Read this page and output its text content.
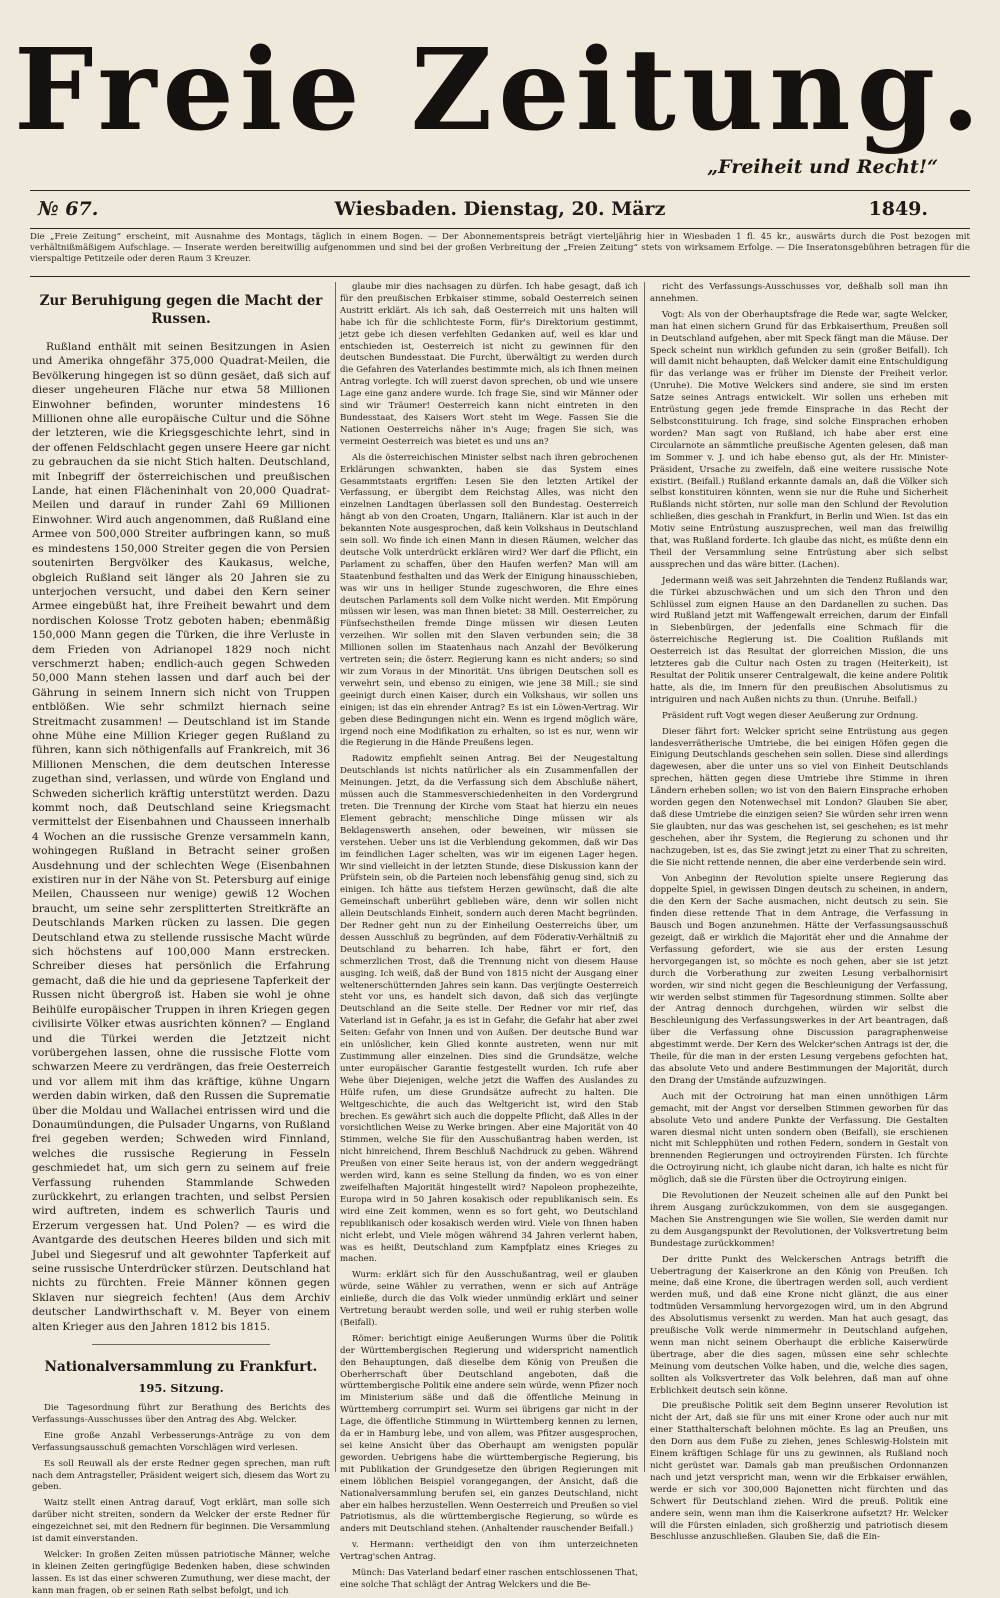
Freie Zeitung.
„Freiheit und Recht!“
№ 67.	Wiesbaden. Dienstag, 20. März	1849.
Die „Freie Zeitung“ erscheint, mit Ausnahme des Montags, täglich in einem Bogen. — Der Abonnementspreis beträgt vierteljährig hier in Wiesbaden 1 fl. 45 kr., auswärts durch die Post bezogen mit verhältnißmäßigem Aufschlage. — Inserate werden bereitwillig aufgenommen und sind bei der großen Verbreitung der „Freien Zeitung“ stets von wirksamem Erfolge. — Die Inseratonsgebühren betragen für die vierspaltige Petitzeile oder deren Raum 3 Kreuzer.
Zur Beruhigung gegen die Macht der Russen.

Rußland enthält mit seinen Besitzungen in Asien und Amerika ohngefähr 375,000 Quadrat-Meilen, die Bevölkerung hingegen ist so dünn gesäet, daß sich auf dieser ungeheuren Fläche nur etwa 58 Millionen Einwohner befinden, worunter mindestens 16 Millionen ohne alle europäische Cultur und die Söhne der letzteren, wie die Kriegsgeschichte lehrt, sind in der offenen Feldschlacht gegen unsere Heere gar nicht zu gebrauchen da sie nicht Stich halten. Deutschland, mit Inbegriff der österreichischen und preußischen Lande, hat einen Flächeninhalt von 20,000 Quadrat-Meilen und darauf in runder Zahl 69 Millionen Einwohner. Wird auch angenommen, daß Rußland eine Armee von 500,000 Streiter aufbringen kann, so muß es mindestens 150,000 Streiter gegen die von Persien soutenirten Bergvölker des Kaukasus, welche, obgleich Rußland seit länger als 20 Jahren sie zu unterjochen versucht, und dabei den Kern seiner Armee eingebüßt hat, ihre Freiheit bewahrt und dem nordischen Kolosse Trotz geboten haben; ebenmäßig 150,000 Mann gegen die Türken, die ihre Verluste in dem Frieden von Adrianopel 1829 noch nicht verschmerzt haben; endlich-auch gegen Schweden 50,000 Mann stehen lassen und darf auch bei der Gährung in seinem Innern sich nicht von Truppen entblößen. Wie sehr schmilzt hiernach seine Streitmacht zusammen! — Deutschland ist im Stande ohne Mühe eine Million Krieger gegen Rußland zu führen, kann sich nöthigenfalls auf Frankreich, mit 36 Millionen Menschen, die dem deutschen Interesse zugethan sind, verlassen, und würde von England und Schweden sicherlich kräftig unterstützt werden. Dazu kommt noch, daß Deutschland seine Kriegsmacht vermittelst der Eisenbahnen und Chausseen innerhalb 4 Wochen an die russische Grenze versammeln kann, wohingegen Rußland in Betracht seiner großen Ausdehnung und der schlechten Wege (Eisenbahnen existiren nur in der Nähe von St. Petersburg auf einige Meilen, Chausseen nur wenige) gewiß 12 Wochen braucht, um seine sehr zersplitterten Streitkräfte an Deutschlands Marken rücken zu lassen. Die gegen Deutschland etwa zu stellende russische Macht würde sich höchstens auf 100,000 Mann erstrecken. Schreiber dieses hat persönlich die Erfahrung gemacht, daß die hie und da gepriesene Tapferkeit der Russen nicht übergroß ist. Haben sie wohl je ohne Beihülfe europäischer Truppen in ihren Kriegen gegen civilisirte Völker etwas ausrichten können? — England und die Türkei werden die Jetztzeit nicht vorübergehen lassen, ohne die russische Flotte vom schwarzen Meere zu verdrängen, das freie Oesterreich und vor allem mit ihm das kräftige, kühne Ungarn werden dabin wirken, daß den Russen die Suprematie über die Moldau und Wallachei entrissen wird und die Donaumündungen, die Pulsader Ungarns, von Rußland frei gegeben werden; Schweden wird Finnland, welches die russische Regierung in Fesseln geschmiedet hat, um sich gern zu seinem auf freie Verfassung ruhenden Stammlande Schweden zurückkehrt, zu erlangen trachten, und selbst Persien wird auftreten, indem es schwerlich Tauris und Erzerum vergessen hat. Und Polen? — es wird die Avantgarde des deutschen Heeres bilden und sich mit Jubel und Siegesruf und alt gewohnter Tapferkeit auf seine russische Unterdrücker stürzen. Deutschland hat nichts zu fürchten. Freie Männer können gegen Sklaven nur siegreich fechten! (Aus dem Archiv deutscher Landwirthschaft v. M. Beyer von einem alten Krieger aus den Jahren 1812 bis 1815.

Nationalversammlung zu Frankfurt.
195. Sitzung.

Die Tagesordnung führt zur Berathung des Berichts des Verfassungs-Ausschusses über den Antrag des Abg. Welcker.

Eine große Anzahl Verbesserungs-Anträge zu von dem Verfassungsausschuß gemachten Vorschlägen wird verlesen.

Es soll Reuwall als der erste Redner gegen sprechen, man ruft nach dem Antragsteller, Präsident weigert sich, diesem das Wort zu geben.

Waitz stellt einen Antrag darauf, Vogt erklärt, man solle sich darüber nicht streiten, sondern da Welcker der erste Redner für eingezeichnet sei, mit den Rednern für beginnen. Die Versammlung ist damit einverstanden.

Welcker: In großen Zeiten müssen patriotische Männer, welche in kleinen Zeiten geringfügige Bedenken haben, diese schwinden lassen. Es ist das einer schweren Zumuthung, wer diese macht, der kann man fragen, ob er seinen Rath selbst befolgt, und ich

glaube mir dies nachsagen zu dürfen. Ich habe gesagt, daß ich für den preußischen Erbkaiser stimme, sobald Oesterreich seinen Austritt erklärt. Als ich sah, daß Oesterreich mit uns halten will habe ich für die schlichteste Form, für's Direktorium gestimmt, jetzt gebe ich diesen verfehlten Gedanken auf, weil es klar und entschieden ist, Oesterreich ist nicht zu gewinnen für den deutschen Bundesstaat. Die Furcht, überwältigt zu werden durch die Gefahren des Vaterlandes bestimmte mich, als ich Ihnen meinen Antrag vorlegte. Ich will zuerst davon sprechen, ob und wie unsere Lage eine ganz andere wurde. Ich frage Sie, sind wir Männer oder sind wir Träumer! Oesterreich kann nicht eintreten in den Bundesstaat, des Kaisers Wort steht im Wege. Fassen Sie die Nationen Oesterreichs näher in's Auge; fragen Sie sich, was vermeint Oesterreich was bietet es und uns an?

Als die österreichischen Minister selbst nach ihren gebrochenen Erklärungen schwankten, haben sie das System eines Gesammtstaats ergriffen: Lesen Sie den letzten Artikel der Verfassung, er übergibt dem Reichstag Alles, was nicht den einzelnen Landtagen überlassen soll den Bundestag. Oesterreich hängt ab von den Croaten, Ungarn, Italiänern. Klar ist auch in der bekannten Note ausgesprochen, daß kein Volkshaus in Deutschland sein soll. Wo finde ich einen Mann in diesen Räumen, welcher das deutsche Volk unterdrückt erklären wird? Wer darf die Pflicht, ein Parlament zu schaffen, über den Haufen werfen? Man will am Staatenbund festhalten und das Werk der Einigung hinausschieben, was wir uns in heiliger Stunde zugeschworen, die Ehre eines deutschen Parlaments soll dem Volke nicht werden. Mit Empörung müssen wir lesen, was man Ihnen bietet: 38 Mill. Oesterreicher, zu Fünfsechstheilen fremde Dinge müssen wir diesen Leuten verzeihen. Wir sollen mit den Slaven verbunden sein; die 38 Millionen sollen im Staatenhaus nach Anzahl der Bevölkerung vertreten sein; die österr. Regierung kann es nicht anders; so sind wir zum Voraus in der Minorität. Uns übrigen Deutschen soll es verwehrt sein, und ebenso zu einigen, wie jene 38 Mill.; sie sind geeinigt durch einen Kaiser, durch ein Volkshaus, wir sollen uns einigen; ist das ein ehrender Antrag? Es ist ein Löwen-Vertrag. Wir geben diese Bedingungen nicht ein. Wenn es irgend möglich wäre, irgend noch eine Modifikation zu erhalten, so ist es nur, wenn wir die Regierung in die Hände Preußens legen.

Radowitz empfiehlt seinen Antrag. Bei der Neugestaltung Deutschlands ist nichts natürlicher als ein Zusammenfallen der Meinungen. Jetzt, da die Verfassung sich dem Abschluße nähert, müssen auch die Stammesverschiedenheiten in den Vordergrund treten. Die Trennung der Kirche vom Staat hat hierzu ein neues Element gebracht; menschliche Dinge müssen wir als Beklagenswerth ansehen, oder beweinen, wir müssen sie verstehen. Ueber uns ist die Verblendung gekommen, daß wir Das im feindlichen Lager schelten, was wir im eigenen Lager hegen. Wir sind vielleicht in der letzten Stunde, diese Diskussion kann der Prüfstein sein, ob die Parteien noch lebensfähig genug sind, sich zu einigen. Ich hätte aus tiefstem Herzen gewünscht, daß die alte Gemeinschaft unberührt geblieben wäre, denn wir sollen nicht allein Deutschlands Einheit, sondern auch deren Macht begründen. Der Redner geht nun zu der Einheilung Oesterreichs über, um dessen Ausschluß zu begründen, auf dem Föderativ-Verhältniß zu Deutschland zu beharren. Ich habe, fährt er fort, den schmerzlichen Trost, daß die Trennung nicht von diesem Hause ausging. Ich weiß, daß der Bund von 1815 nicht der Ausgang einer weltenerschütternden Jahres sein kann. Das verjüngte Oesterreich steht vor uns, es handelt sich davon, daß sich das verjüngte Deutschland an die Seite stelle. Der Redner vor mir rief, das Vaterland ist in Gefahr, ja es ist in Gefahr, die Gefahr hat aber zwei Seiten: Gefahr von Innen und von Außen. Der deutsche Bund war ein unlöslicher, kein Glied konnte austreten, wenn nur mit Zustimmung aller einzelnen. Dies sind die Grundsätze, welche unter europäischer Garantie festgestellt wurden. Ich rufe aber Wehe über Diejenigen, welche jetzt die Waffen des Auslandes zu Hülfe rufen, um diese Grundsätze aufrecht zu halten. Die Weltgeschichte, die auch das Weltgericht ist, wird den Stab brechen. Es gewährt sich auch die doppelte Pflicht, daß Alles in der vorsichtlichen Weise zu Werke bringen. Aber eine Majorität von 40 Stimmen, welche Sie für den Ausschußantrag haben werden, ist nicht hinreichend, Ihrem Beschluß Nachdruck zu geben. Während Preußen von einer Seite heraus ist, von der andern weggedrängt werden wird, kann es seine Stellung da finden, wo es von einer zweifelhaften Majorität hingestellt wird? Napoleon prophezeihte, Europa wird in 50 Jahren kosakisch oder republikanisch sein. Es wird eine Zeit kommen, wenn es so fort geht, wo Deutschland republikanisch oder kosakisch werden wird. Viele von Ihnen haben nicht erlebt, und Viele mögen während 34 Jahren verlernt haben, was es heißt, Deutschland zum Kampfplatz eines Krieges zu machen.

Wurm: erklärt sich für den Ausschußantrag, weil er glauben würde, seine Wähler zu verrathen, wenn er sich auf Anträge einließe, durch die das Volk wieder unmündig erklärt und seiner Vertretung beraubt werden solle, und weil er ruhig sterben wolle (Beifall).

Römer: berichtigt einige Aeußerungen Wurms über die Politik der Württembergischen Regierung und widerspricht namentlich den Behauptungen, daß dieselbe dem König von Preußen die Oberherrschaft über Deutschland angeboten, daß die württembergische Politik eine andere sein würde, wenn Pfizer noch im Ministerium säße und daß die öffentliche Meinung in Württemberg corrumpirt sei. Wurm sei übrigens gar nicht in der Lage, die öffentliche Stimmung in Württemberg kennen zu lernen, da er in Hamburg lebe, und von allem, was Pfitzer ausgesprochen, sei keine Ansicht über das Oberhaupt am wenigsten populär geworden. Uebrigens habe die württembergische Regierung, bis mit Publikation der Grundgesetze den übrigen Regierungen mit einem löblichen Beispiel vorangegangen, der Ansicht, daß die Nationalversammlung berufen sei, ein ganzes Deutschland, nicht aber ein halbes herzustellen. Wenn Oesterreich und Preußen so viel Patriotismus, als die württembergische Regierung, so würde es anders mit Deutschland stehen. (Anhaltender rauschender Beifall.)

v. Hermann: vertheidigt den von ihm unterzeichneten Vertrag'schen Antrag.

Münch: Das Vaterland bedarf einer raschen entschlossenen That, eine solche That schlägt der Antrag Welckers und die Be-

richt des Verfassungs-Ausschusses vor, deßhalb soll man ihn annehmen.

Vogt: Als von der Oberhauptsfrage die Rede war, sagte Welcker, man hat einen sichern Grund für das Erbkaiserthum, Preußen soll in Deutschland aufgehen, aber mit Speck fängt man die Mäuse. Der Speck scheint nun wirklich gefunden zu sein (großer Beifall). Ich will damit nicht behaupten, daß Welcker damit eine Entschuldigung für das verlange was er früher im Dienste der Freiheit verlor. (Unruhe). Die Motive Welckers sind andere, sie sind im ersten Satze seines Antrags entwickelt. Wir sollen uns erheben mit Entrüstung gegen jede fremde Einsprache in das Recht der Selbstconstituirung. Ich frage, sind solche Einsprachen erhoben worden? Man sagt von Rußland, ich habe aber erst eine Circularnote an sämmtliche preußische Agenten gelesen, daß man im Sommer v. J. und ich habe ebenso gut, als der Hr. Minister-Präsident, Ursache zu zweifeln, daß eine weitere russische Note existirt. (Beifall.) Rußland erkannte damals an, daß die Völker sich selbst konstituiren könnten, wenn sie nur die Ruhe und Sicherheit Rußlands nicht störten, nur solle man den Schlund der Revolution schließen, dies geschah in Frankfurt, in Berlin und Wien. Ist das ein Motiv seine Entrüstung auszusprechen, weil man das freiwillig that, was Rußland forderte. Ich glaube das nicht, es müßte denn ein Theil der Versammlung seine Entrüstung aber sich selbst aussprechen und das wäre bitter. (Lachen).

Jedermann weiß was seit Jahrzehnten die Tendenz Rußlands war, die Türkei abzuschwächen und um sich den Thron und den Schlüssel zum eignen Hause an den Dardanellen zu suchen. Das wird Rußland jetzt mit Waffengewalt erreichen, darum der Einfall in Siebenbürgen, der jedenfalls eine Schmach für die österreichische Regierung ist. Die Coalition Rußlands mit Oesterreich ist das Resultat der glorreichen Mission, die uns letzteres gab die Cultur nach Osten zu tragen (Heiterkeit), ist Resultat der Politik unserer Centralgewalt, die keine andere Politik hatte, als die, im Innern für den preußischen Absolutismus zu intriguiren und nach Außen nichts zu thun. (Unruhe. Beifall.)

Präsident ruft Vogt wegen dieser Aeußerung zur Ordnung.

Dieser fährt fort: Welcker spricht seine Entrüstung aus gegen landesverrätherische Umtriebe, die bei einigen Höfen gegen die Einigung Deutschlands geschehen sein sollen. Diese sind allerdings dagewesen, aber die unter uns so viel von Einheit Deutschlands sprechen, hätten gegen diese Umtriebe ihre Stimme in ihren Ländern erheben sollen; wo ist von den Baiern Einsprache erhoben worden gegen den Notenwechsel mit London? Glauben Sie aber, daß diese Umtriebe die einzigen seien? Sie würden sehr irren wenn Sie glaubten, nur das was geschehen ist, sei geschehen; es ist mehr geschehen, aber ihr System, die Regierung zu schonen und ihr nachzugeben, ist es, das Sie zwingt jetzt zu einer That zu schreiten, die Sie nicht rettende nennen, die aber eine verderbende sein wird.

Von Anbeginn der Revolution spielte unsere Regierung das doppelte Spiel, in gewissen Dingen deutsch zu scheinen, in andern, die den Kern der Sache ausmachen, nicht deutsch zu sein. Sie finden diese rettende That in dem Antrage, die Verfassung in Bausch und Bogen anzunehmen. Hätte der Verfassungsausschuß gezeigt, daß er wirklich die Majorität eher und die Annahme der Verfassung gefordert, wie sie aus der ersten Lesung hervorgegangen ist, so möchte es noch gehen, aber sie ist jetzt durch die Vorberathung zur zweiten Lesung verbalhornisirt worden, wir sind nicht gegen die Beschleunigung der Verfassung, wir werden selbst stimmen für Tagesordnung stimmen. Sollte aber der Antrag dennoch durchgehen, würden wir selbst die Beschleunigung des Verfassungswerkes in der Art beantragen, daß über die Verfassung ohne Discussion paragraphenweise abgestimmt werde. Der Kern des Welcker'schen Antrags ist der, die Theile, für die man in der ersten Lesung vergebens gefochten hat, das absolute Veto und andere Bestimmungen der Majorität, durch den Drang der Umstände aufzuzwingen.

Auch mit der Octroirung hat man einen unnöthigen Lärm gemacht, mit der Angst vor derselben Stimmen geworben für das absolute Veto und andere Punkte der Verfassung. Die Gestalten waren diesmal nicht unten sondern oben (Beifall), sie erschienen nicht mit Schlepphüten und rothen Federn, sondern in Gestalt von brennenden Regierungen und octroyirenden Fürsten. Ich fürchte die Octroyirung nicht, ich glaube nicht daran, ich halte es nicht für möglich, daß sie die Fürsten über die Octroyirung einigen.

Die Revolutionen der Neuzeit scheinen alle auf den Punkt bei ihrem Ausgang zurückzukommen, von dem sie ausgegangen. Machen Sie Anstrengungen wie Sie wollen, Sie werden damit nur zu dem Ausgangspunkt der Revolutionen, der Volksvertretung beim Bundestage zurückkommen!

Der dritte Punkt des Welckerschen Antrags betrifft die Uebertragung der Kaiserkrone an den König von Preußen. Ich meine, daß eine Krone, die übertragen werden soll, auch verdient werden muß, und daß eine Krone nicht glänzt, die aus einer todtmüden Versammlung hervorgezogen wird, um in den Abgrund des Absolutismus versenkt zu werden. Man hat auch gesagt, das preußische Volk werde nimmermehr in Deutschland aufgehen, wenn man nicht seinem Oberhaupt die erbliche Kaiserwürde übertrage, aber die dies sagen, müssen eine sehr schlechte Meinung vom deutschen Volke haben, und die, welche dies sagen, sollten als Volksvertreter das Volk belehren, daß man auf ohne Erblichkeit deutsch sein könne.

Die preußische Politik seit dem Beginn unserer Revolution ist nicht der Art, daß sie für uns mit einer Krone oder auch nur mit einer Statthalterschaft belohnen möchte. Es lag an Preußen, uns den Dorn aus dem Fuße zu ziehen, jenes Schleswig-Holstein mit Einem kräftigen Schlage für uns zu gewinnen, als Rußland noch nicht gerüstet war. Damals gab man preußischen Ordonnanzen nach und jetzt verspricht man, wenn wir die Erbkaiser erwählen, werde er sich vor 300,000 Bajonetten nicht fürchten und das Schwert für Deutschland ziehen. Wird die preuß. Politik eine andere sein, wenn man ihm die Kaiserkrone aufsetzt? Hr. Welcker will die Fürsten einladen, sich großherzig und patriotisch diesem Beschlusse anzuschließen. Glauben Sie, daß die Ein-
